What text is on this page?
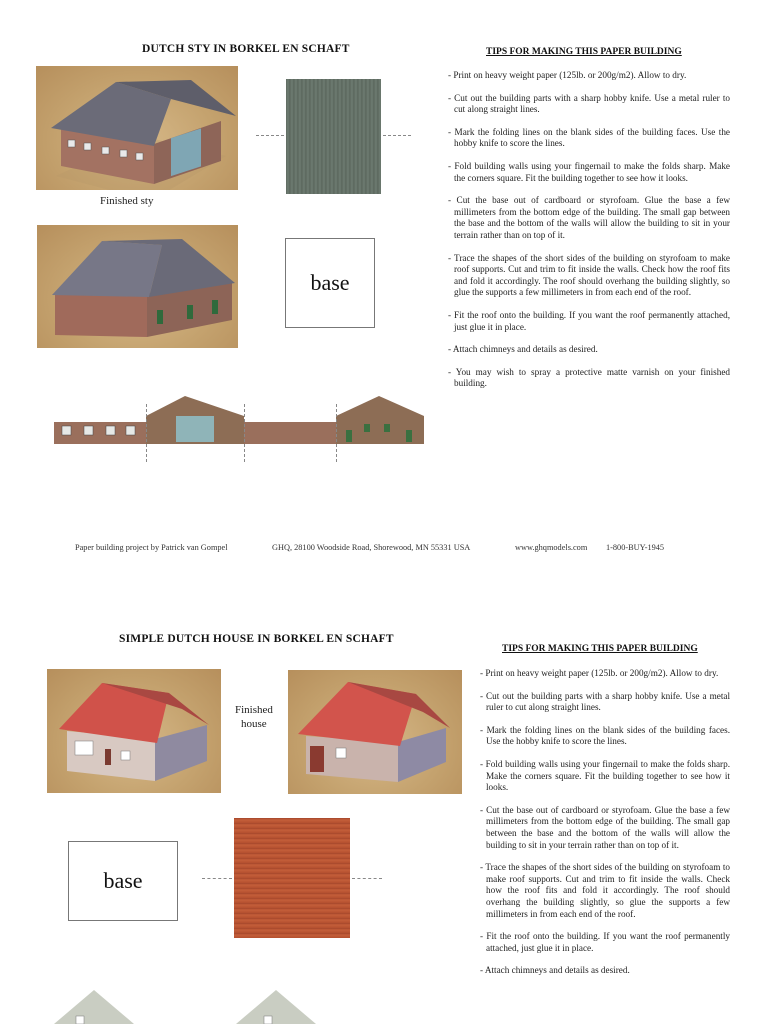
DUTCH STY IN BORKEL EN SCHAFT
Finished sty
base
TIPS FOR MAKING THIS PAPER BUILDING

- Print on heavy weight paper (125lb. or 200g/m2). Allow to dry.

- Cut out the building parts with a sharp hobby knife. Use a metal ruler to cut along straight lines.

- Mark the folding lines on the blank sides of the building faces. Use the hobby knife to score the lines.

- Fold building walls using your fingernail to make the folds sharp. Make the corners square. Fit the building together to see how it looks.

- Cut the base out of cardboard or styrofoam. Glue the base a few millimeters from the bottom edge of the building. The small gap between the base and the bottom of the walls will allow the building to sit in your terrain rather than on top of it.

- Trace the shapes of the short sides of the building on styrofoam to make roof supports. Cut and trim to fit inside the walls. Check how the roof fits and fold it accordingly. The roof should overhang the building slightly, so glue the supports a few millimeters in from each end of the roof.

- Fit the roof onto the building. If you want the roof permanently attached, just glue it in place.

- Attach chimneys and details as desired.

- You may wish to spray a protective matte varnish on your finished building.

Paper building project by Patrick van Gompel	GHQ, 28100 Woodside Road, Shorewood, MN 55331 USA	www.ghqmodels.com 1-800-BUY-1945
SIMPLE DUTCH HOUSE IN BORKEL EN SCHAFT
Finished
house
base
TIPS FOR MAKING THIS PAPER BUILDING

- Print on heavy weight paper (125lb. or 200g/m2). Allow to dry.

- Cut out the building parts with a sharp hobby knife. Use a metal ruler to cut along straight lines.

- Mark the folding lines on the blank sides of the building faces. Use the hobby knife to score the lines.

- Fold building walls using your fingernail to make the folds sharp. Make the corners square. Fit the building together to see how it looks.

- Cut the base out of cardboard or styrofoam. Glue the base a few millimeters from the bottom edge of the building. The small gap between the base and the bottom of the walls will allow the building to sit in your terrain rather than on top of it.

- Trace the shapes of the short sides of the building on styrofoam to make roof supports. Cut and trim to fit inside the walls. Check how the roof fits and fold it accordingly. The roof should overhang the building slightly, so glue the supports a few millimeters in from each end of the roof.

- Fit the roof onto the building. If you want the roof permanently attached, just glue it in place.

- Attach chimneys and details as desired.
